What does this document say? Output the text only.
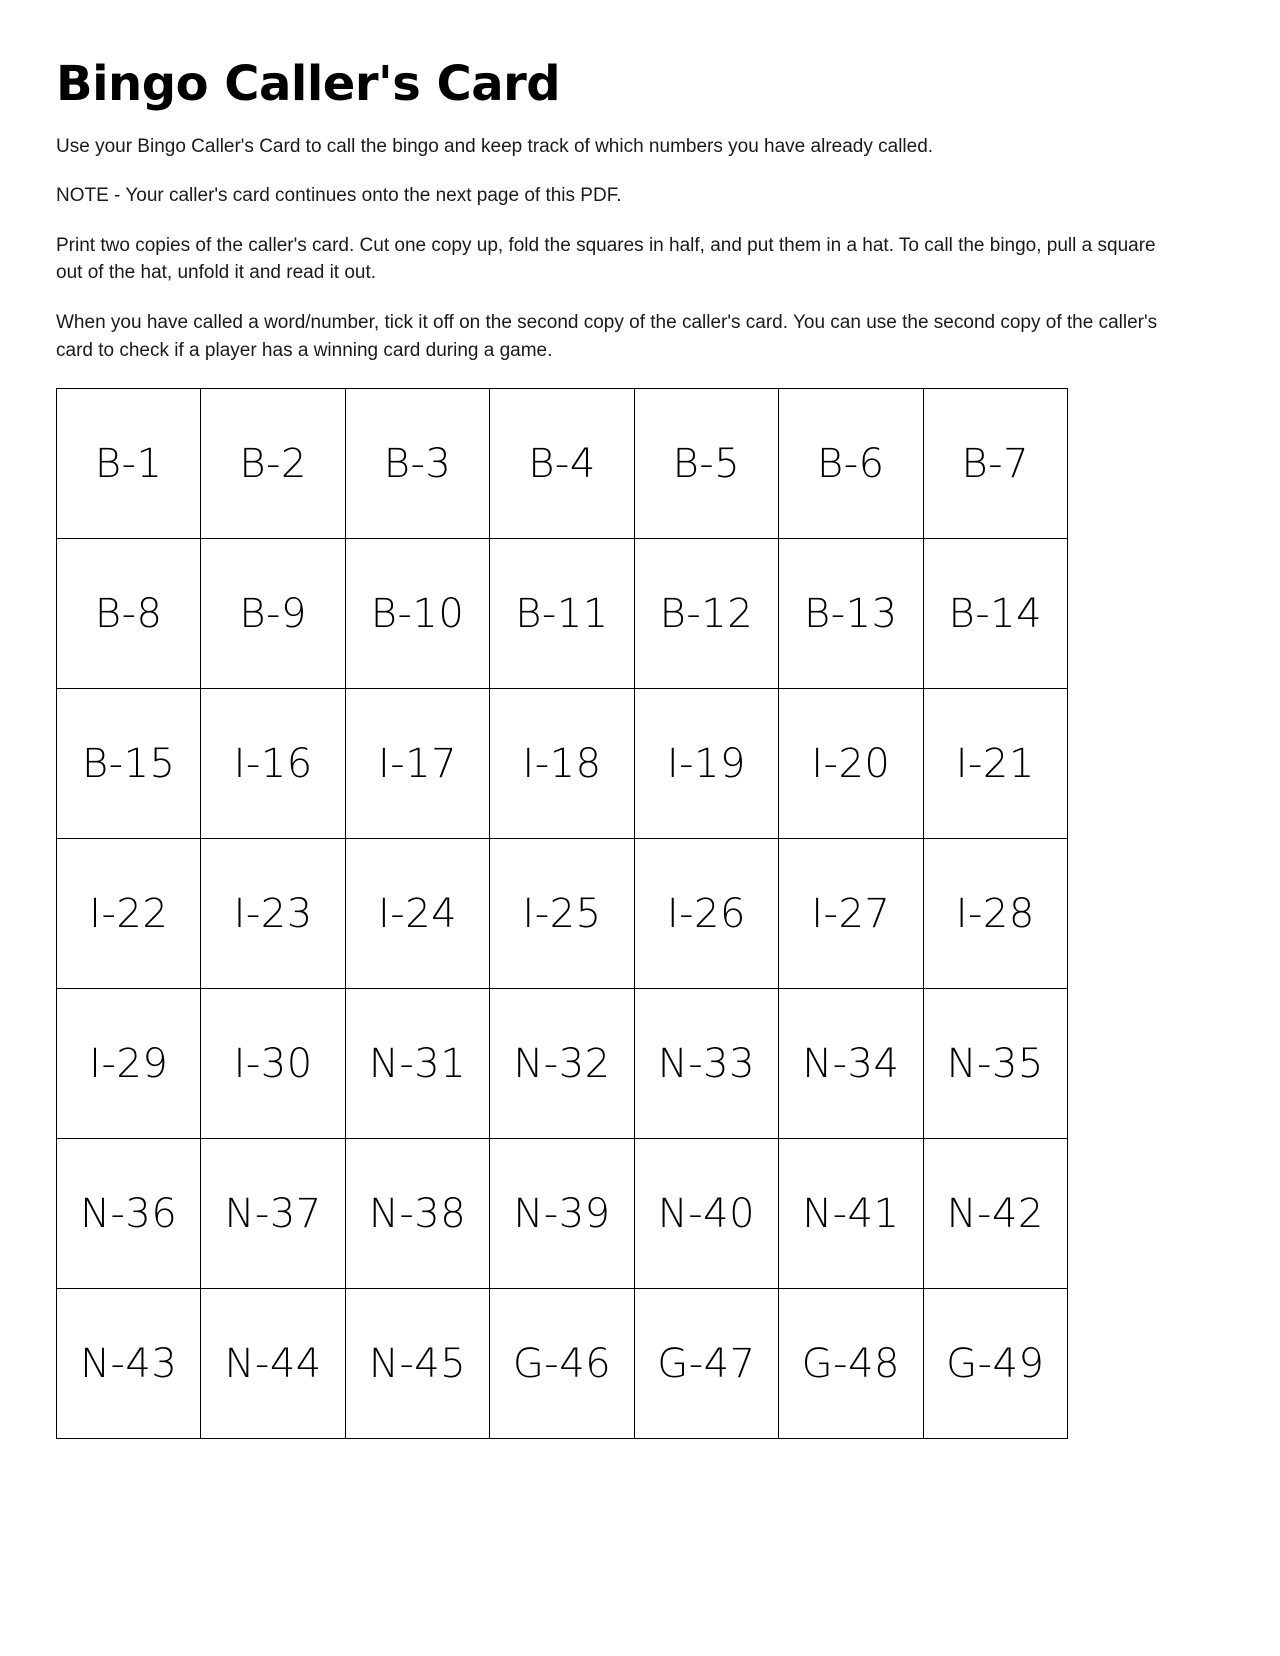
Bingo Caller's Card

Use your Bingo Caller's Card to call the bingo and keep track of which numbers you have already called.

NOTE - Your caller's card continues onto the next page of this PDF.

Print two copies of the caller's card. Cut one copy up, fold the squares in half, and put them in a hat. To call the bingo, pull a square out of the hat, unfold it and read it out.

When you have called a word/number, tick it off on the second copy of the caller's card. You can use the second copy of the caller's card to check if a player has a winning card during a game.

B-1	B-2	B-3	B-4	B-5	B-6	B-7
B-8	B-9	B-10	B-11	B-12	B-13	B-14
B-15	I-16	I-17	I-18	I-19	I-20	I-21
I-22	I-23	I-24	I-25	I-26	I-27	I-28
I-29	I-30	N-31	N-32	N-33	N-34	N-35
N-36	N-37	N-38	N-39	N-40	N-41	N-42
N-43	N-44	N-45	G-46	G-47	G-48	G-49
